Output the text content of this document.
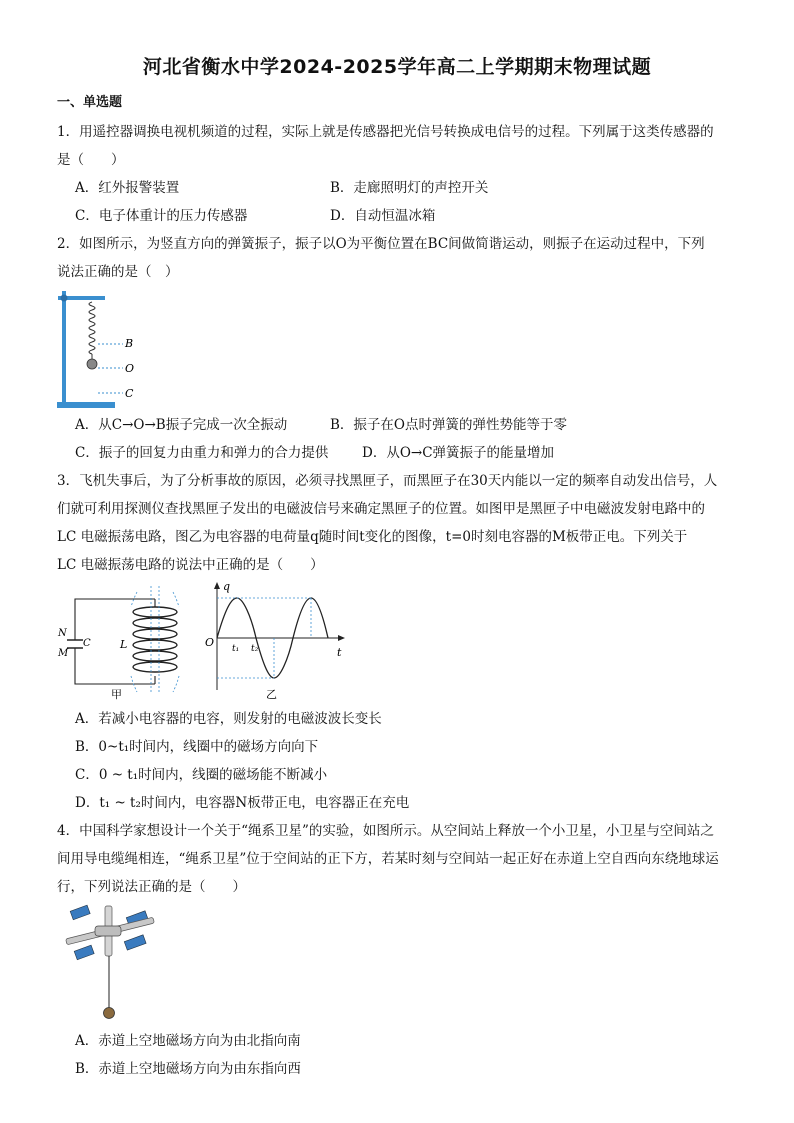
河北省衡水中学2024-2025学年高二上学期期末物理试题
一、单选题
1．用遥控器调换电视机频道的过程，实际上就是传感器把光信号转换成电信号的过程。下列属于这类传感器的
是（　　）
A．红外报警装置	B．走廊照明灯的声控开关
C．电子体重计的压力传感器	D．自动恒温冰箱
2．如图所示，为竖直方向的弹簧振子，振子以O为平衡位置在BC间做简谐运动，则振子在运动过程中，下列
说法正确的是（　）
B
O
C
A．从C→O→B振子完成一次全振动	B．振子在O点时弹簧的弹性势能等于零
C．振子的回复力由重力和弹力的合力提供 D．从O→C弹簧振子的能量增加
3．飞机失事后，为了分析事故的原因，必须寻找黑匣子，而黑匣子在30天内能以一定的频率自动发出信号，人
们就可利用探测仪查找黑匣子发出的电磁波信号来确定黑匣子的位置。如图甲是黑匣子中电磁波发射电路中的
LC 电磁振荡电路，图乙为电容器的电荷量q随时间t变化的图像，t=0时刻电容器的M板带正电。下列关于
LC 电磁振荡电路的说法中正确的是（　　）
N
M
C	L
甲
q
O
t
t₁ t₂
乙
A．若减小电容器的电容，则发射的电磁波波长变长
B．0~t₁时间内，线圈中的磁场方向向下
C．0 ~ t₁时间内，线圈的磁场能不断减小
D．t₁ ~ t₂时间内，电容器N板带正电，电容器正在充电
4．中国科学家想设计一个关于“绳系卫星”的实验，如图所示。从空间站上释放一个小卫星，小卫星与空间站之
间用导电缆绳相连，“绳系卫星”位于空间站的正下方，若某时刻与空间站一起正好在赤道上空自西向东绕地球运
行，下列说法正确的是（　　）
A．赤道上空地磁场方向为由北指向南
B．赤道上空地磁场方向为由东指向西
